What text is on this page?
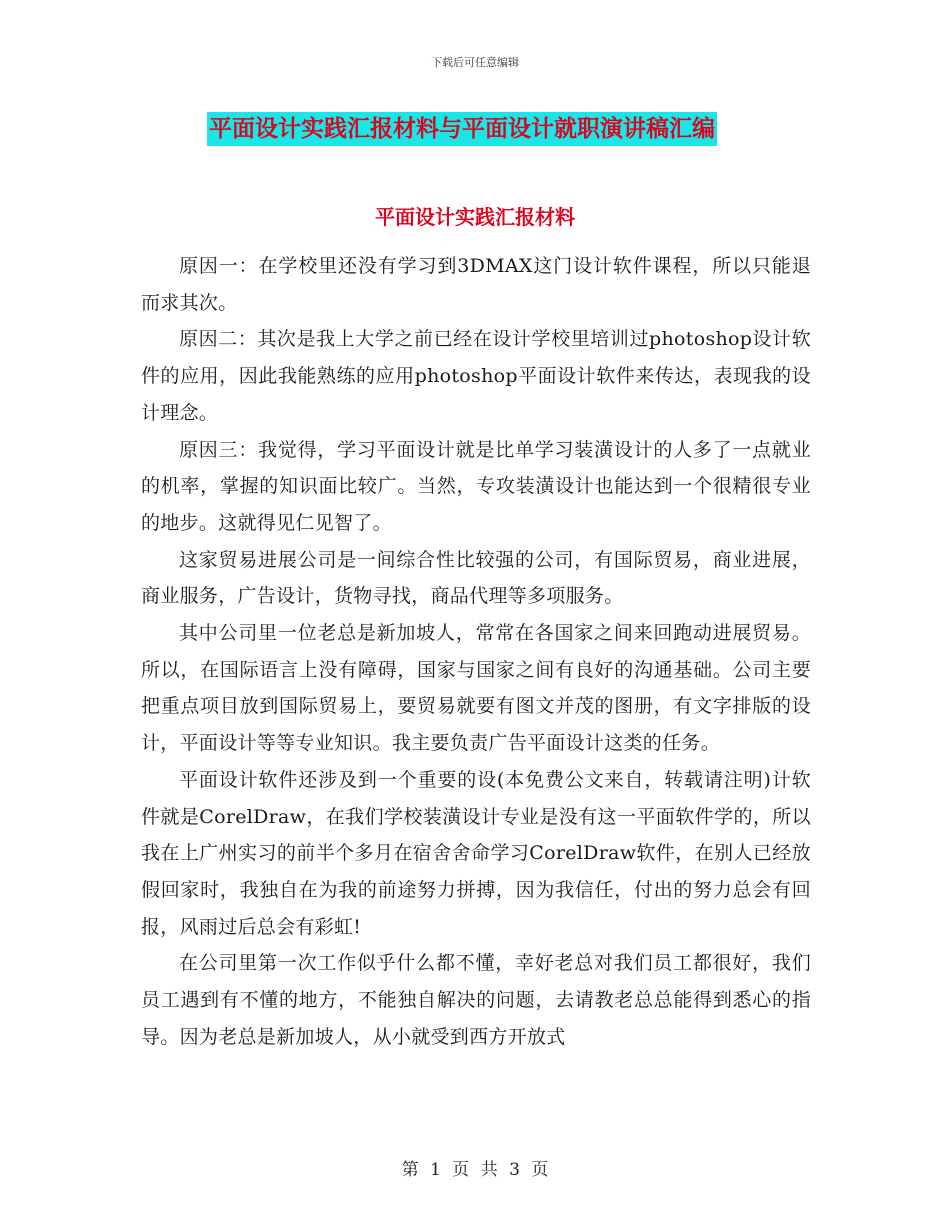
下载后可任意编辑
平面设计实践汇报材料与平面设计就职演讲稿汇编
平面设计实践汇报材料

原因一：在学校里还没有学习到3DMAX这门设计软件课程，所以只能退而求其次。

原因二：其次是我上大学之前已经在设计学校里培训过photoshop设计软件的应用，因此我能熟练的应用photoshop平面设计软件来传达，表现我的设计理念。

原因三：我觉得，学习平面设计就是比单学习装潢设计的人多了一点就业的机率，掌握的知识面比较广。当然，专攻装潢设计也能达到一个很精很专业的地步。这就得见仁见智了。

这家贸易进展公司是一间综合性比较强的公司，有国际贸易，商业进展，商业服务，广告设计，货物寻找，商品代理等多项服务。

其中公司里一位老总是新加坡人，常常在各国家之间来回跑动进展贸易。所以，在国际语言上没有障碍，国家与国家之间有良好的沟通基础。公司主要把重点项目放到国际贸易上，要贸易就要有图文并茂的图册，有文字排版的设计，平面设计等等专业知识。我主要负责广告平面设计这类的任务。

平面设计软件还涉及到一个重要的设(本免费公文来自，转载请注明)计软件就是CorelDraw，在我们学校装潢设计专业是没有这一平面软件学的，所以我在上广州实习的前半个多月在宿舍舍命学习CorelDraw软件，在别人已经放假回家时，我独自在为我的前途努力拼搏，因为我信任，付出的努力总会有回报，风雨过后总会有彩虹!

在公司里第一次工作似乎什么都不懂，幸好老总对我们员工都很好，我们员工遇到有不懂的地方，不能独自解决的问题，去请教老总总能得到悉心的指导。因为老总是新加坡人，从小就受到西方开放式

第 1 页 共 3 页
